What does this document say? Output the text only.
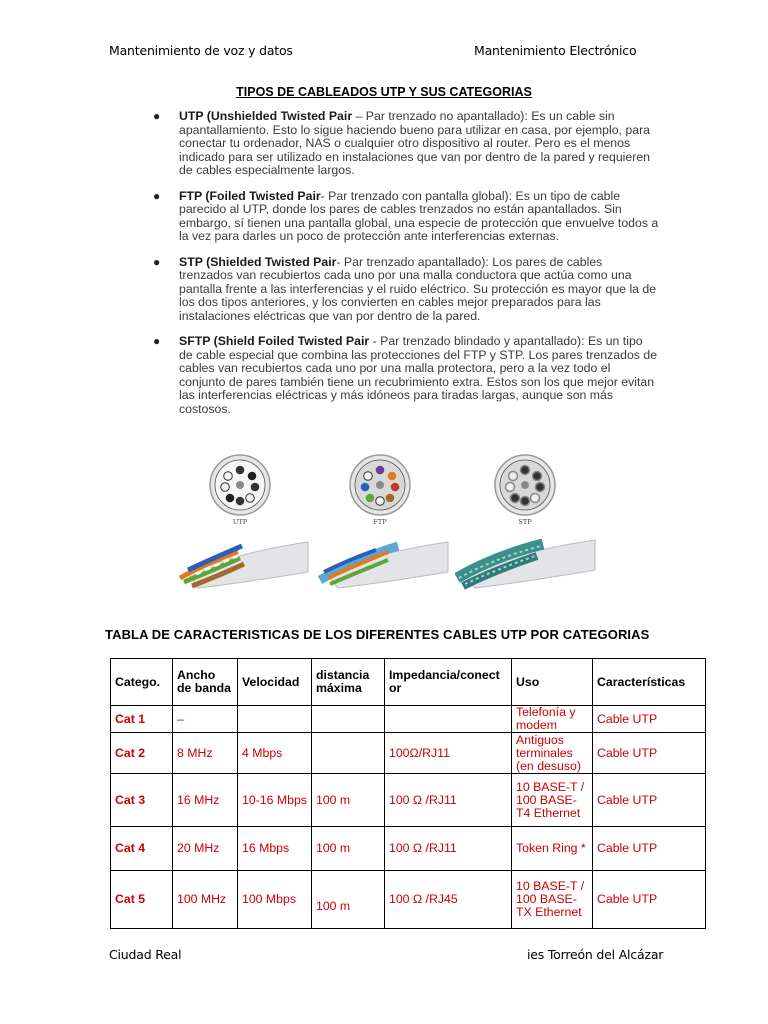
Mantenimiento de voz y datos	Mantenimiento Electrónico
TIPOS DE CABLEADOS UTP Y SUS CATEGORIAS
● UTP (Unshielded Twisted Pair – Par trenzado no apantallado): Es un cable sin apantallamiento. Esto lo sigue haciendo bueno para utilizar en casa, por ejemplo, para conectar tu ordenador, NAS o cualquier otro dispositivo al router. Pero es el menos indicado para ser utilizado en instalaciones que van por dentro de la pared y requieren de cables especialmente largos.
● FTP (Foiled Twisted Pair- Par trenzado con pantalla global): Es un tipo de cable parecido al UTP, donde los pares de cables trenzados no están apantallados. Sin embargo, sí tienen una pantalla global, una especie de protección que envuelve todos a la vez para darles un poco de protección ante interferencias externas.
● STP (Shielded Twisted Pair- Par trenzado apantallado): Los pares de cables trenzados van recubiertos cada uno por una malla conductora que actúa como una pantalla frente a las interferencias y el ruido eléctrico. Su protección es mayor que la de los dos tipos anteriores, y los convierten en cables mejor preparados para las instalaciones eléctricas que van por dentro de la pared.
● SFTP (Shield Foiled Twisted Pair - Par trenzado blindado y apantallado): Es un tipo de cable especial que combina las protecciones del FTP y STP. Los pares trenzados de cables van recubiertos cada uno por una malla protectora, pero a la vez todo el conjunto de pares también tiene un recubrimiento extra. Estos son los que mejor evitan las interferencias eléctricas y más idóneos para tiradas largas, aunque son más costosos.
UTP	FTP	STP
TABLA DE CARACTERISTICAS DE LOS DIFERENTES CABLES UTP POR CATEGORIAS
Catego.	Ancho de banda	Velocidad	distancia máxima	Impedancia/conector	Uso	Características
Cat 1	–				Telefonía y modem	Cable UTP
Cat 2	8 MHz	4 Mbps		100Ω/RJ11	Antiguos terminales (en desuso)	Cable UTP
Cat 3	16 MHz	10-16 Mbps	100 m	100 Ω /RJ11	10 BASE-T / 100 BASE-T4 Ethernet	Cable UTP
Cat 4	20 MHz	16 Mbps	100 m	100 Ω /RJ11	Token Ring *	Cable UTP
Cat 5	100 MHz	100 Mbps	100 m	100 Ω /RJ45	10 BASE-T / 100 BASE-TX Ethernet	Cable UTP
Ciudad Real	ies Torreón del Alcázar
